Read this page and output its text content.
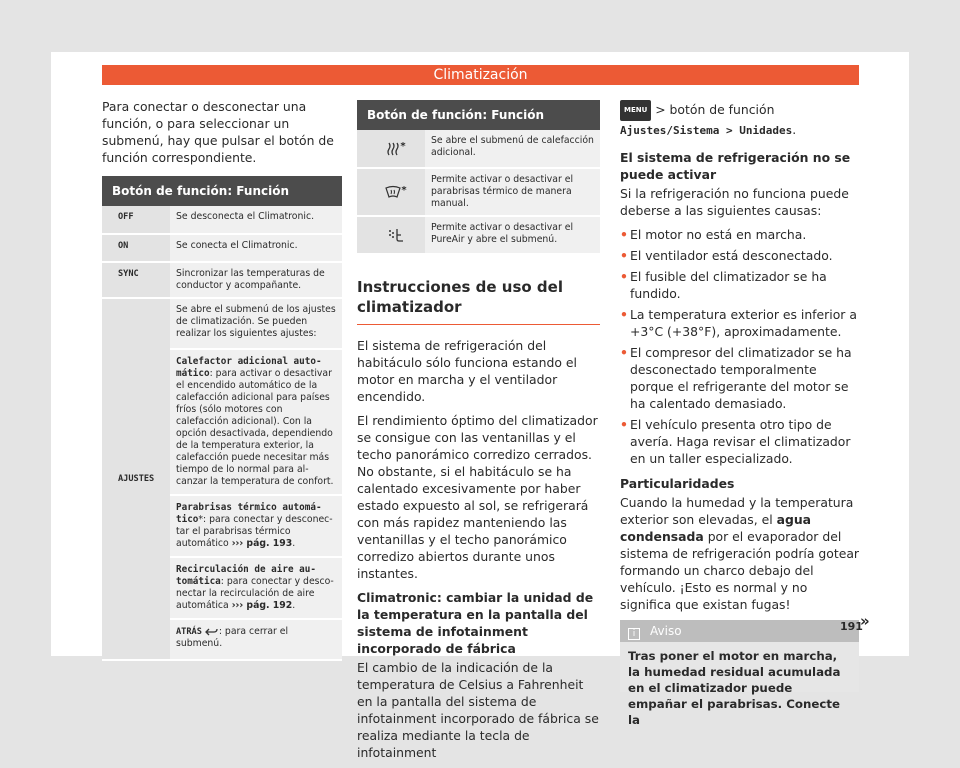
Climatización

Para conectar o desconectar una función, o para seleccionar un submenú, hay que pulsar el botón de función correspondiente.

Botón de función: Función	
OFF	Se desconecta el Climatronic.
ON	Se conecta el Climatronic.
SYNC	Sincronizar las temperaturas de conductor y acompañante.
AJUSTES	Se abre el submenú de los ajustes de climatización. Se pueden realizar los siguientes ajustes:
Calefactor adicional automático: para activar o desactivar el encendido automático de la calefacción adicional para países fríos (sólo motores con calefacción adicional). Con la opción desactivada, dependiendo de la temperatura exterior, la calefacción puede necesitar más tiempo de lo normal para alcanzar la temperatura de confort.
Parabrisas térmico automático*: para conectar y desconectar el parabrisas térmico automático ››› pág. 193.
Recirculación de aire automática: para conectar y desconectar la recirculación de aire automática ››› pág. 192.
ATRÁS : para cerrar el submenú.
Botón de función: Función	
*	Se abre el submenú de calefacción adicional.
*	Permite activar o desactivar el parabrisas térmico de manera manual.
	Permite activar o desactivar el PureAir y abre el submenú.
Instrucciones de uso del climatizador

El sistema de refrigeración del habitáculo sólo funciona estando el motor en marcha y el ventilador encendido.

El rendimiento óptimo del climatizador se consigue con las ventanillas y el techo panorámico corredizo cerrados. No obstante, si el habitáculo se ha calentado excesivamente por haber estado expuesto al sol, se refrigerará con más rapidez manteniendo las ventanillas y el techo panorámico corredizo abiertos durante unos instantes.

Climatronic: cambiar la unidad de la temperatura en la pantalla del sistema de infotainment incorporado de fábrica

El cambio de la indicación de la temperatura de Celsius a Fahrenheit en la pantalla del sistema de infotainment incorporado de fábrica se realiza mediante la tecla de infotainment

MENU > botón de función Ajustes/Sistema > Unidades.

El sistema de refrigeración no se puede activar

Si la refrigeración no funciona puede deberse a las siguientes causas:

• El motor no está en marcha.
• El ventilador está desconectado.
• El fusible del climatizador se ha fundido.
• La temperatura exterior es inferior a +3°C (+38°F), aproximadamente.
• El compresor del climatizador se ha desconectado temporalmente porque el refrigerante del motor se ha calentado demasiado.
• El vehículo presenta otro tipo de avería. Haga revisar el climatizador en un taller especializado.

Particularidades

Cuando la humedad y la temperatura exterior son elevadas, el agua condensada por el evaporador del sistema de refrigeración podría gotear formando un charco debajo del vehículo. ¡Esto es normal y no significa que existan fugas!

i Aviso
Tras poner el motor en marcha, la humedad residual acumulada en el climatizador puede empañar el parabrisas. Conecte la
»
191
